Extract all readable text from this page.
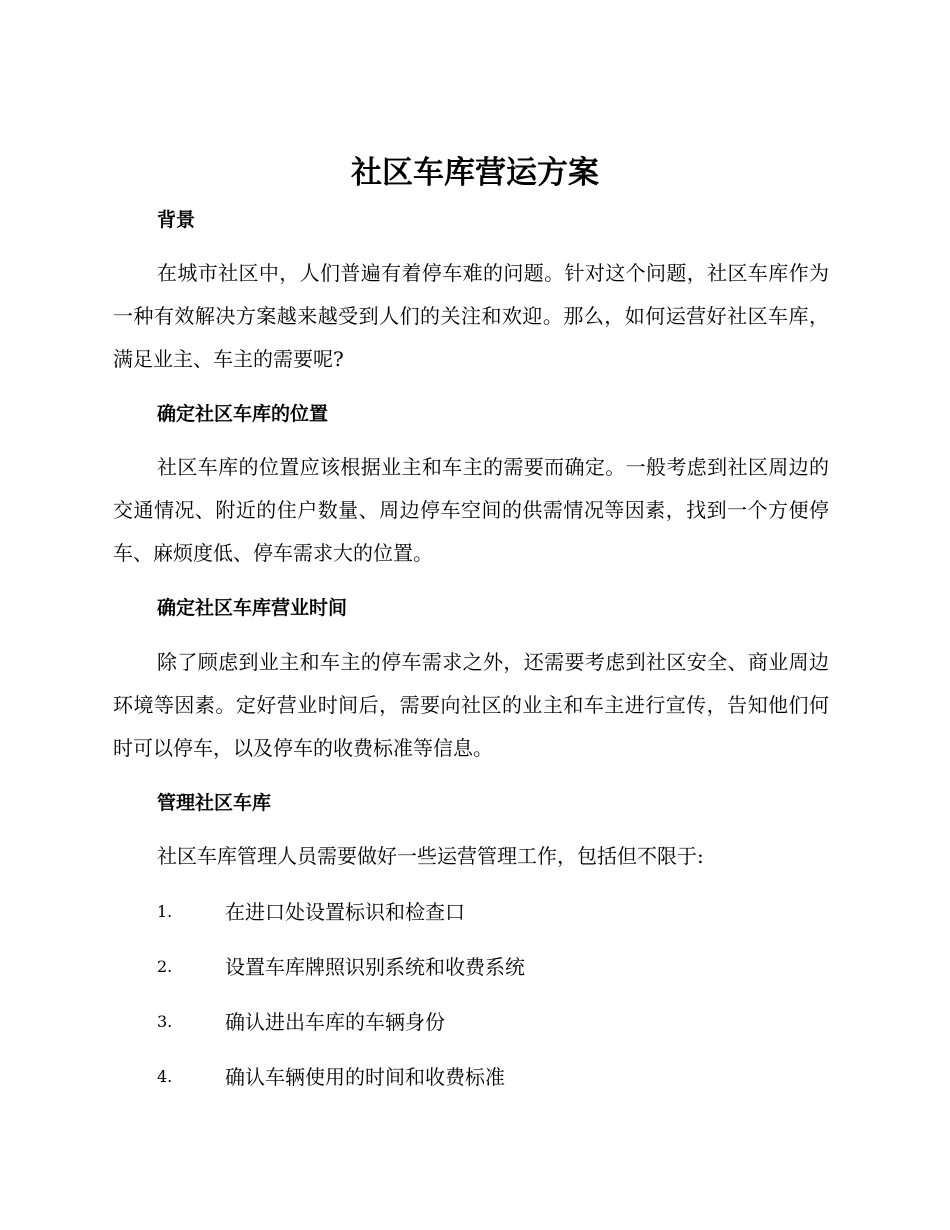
社区车库营运方案
背景

在城市社区中，人们普遍有着停车难的问题。针对这个问题，社区车库作为一种有效解决方案越来越受到人们的关注和欢迎。那么，如何运营好社区车库，满足业主、车主的需要呢?

确定社区车库的位置

社区车库的位置应该根据业主和车主的需要而确定。一般考虑到社区周边的交通情况、附近的住户数量、周边停车空间的供需情况等因素，找到一个方便停车、麻烦度低、停车需求大的位置。

确定社区车库营业时间

除了顾虑到业主和车主的停车需求之外，还需要考虑到社区安全、商业周边环境等因素。定好营业时间后，需要向社区的业主和车主进行宣传，告知他们何时可以停车，以及停车的收费标准等信息。

管理社区车库

社区车库管理人员需要做好一些运营管理工作，包括但不限于:

1.	在进口处设置标识和检查口
2.	设置车库牌照识别系统和收费系统
3.	确认进出车库的车辆身份
4.	确认车辆使用的时间和收费标准
